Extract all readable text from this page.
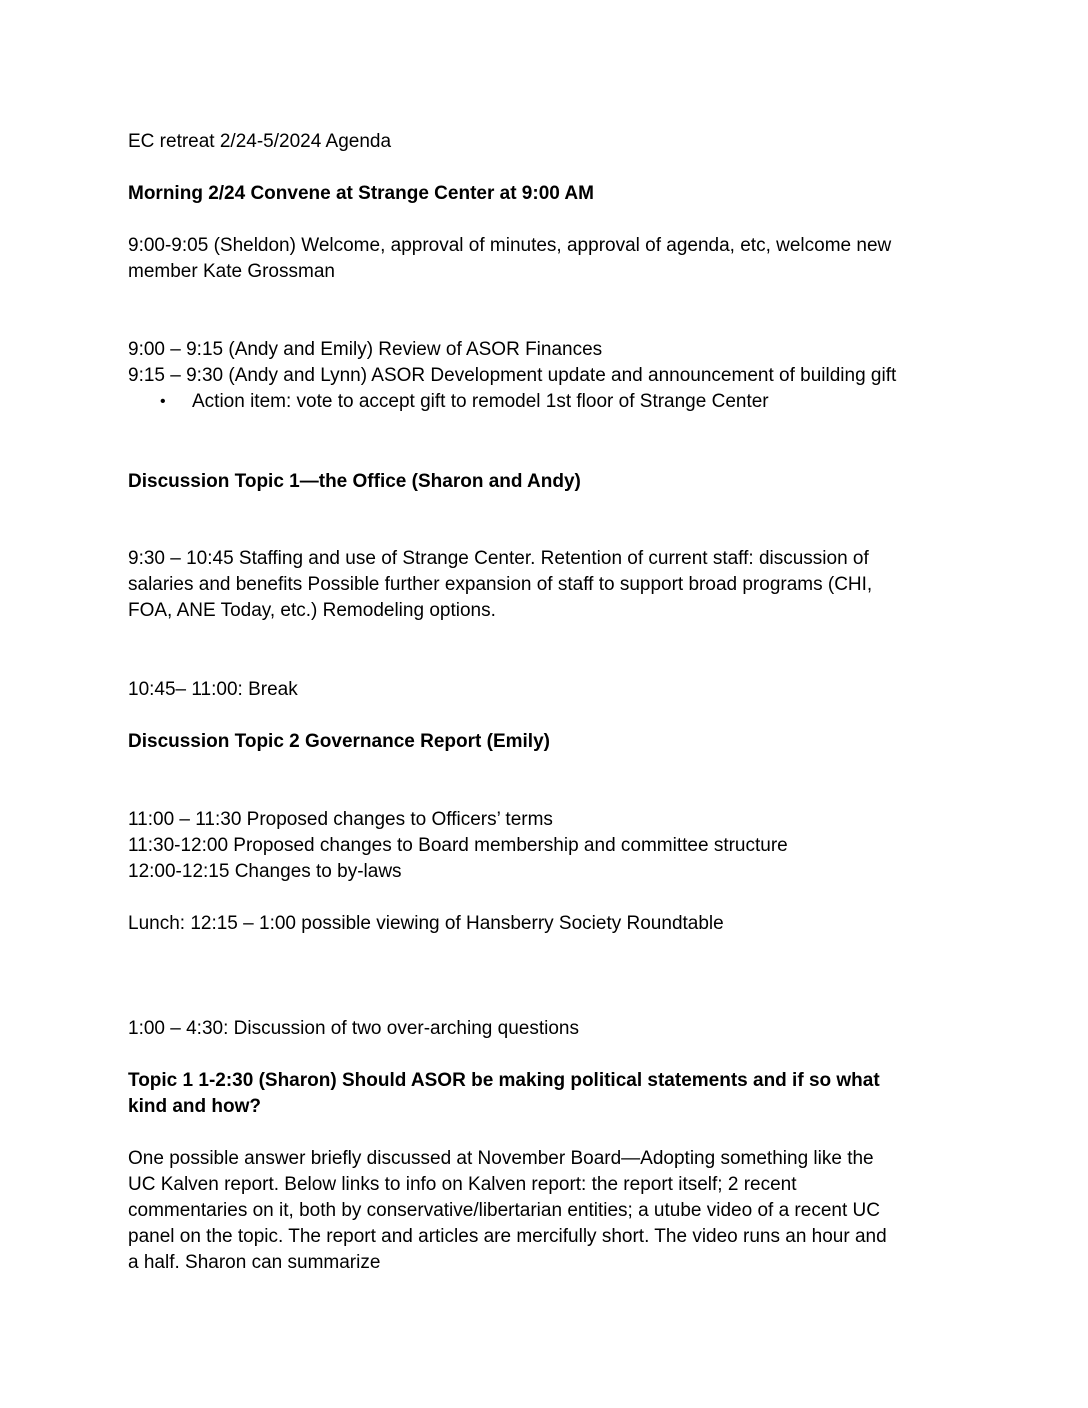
EC retreat 2/24-5/2024 Agenda
Morning 2/24 Convene at Strange Center at 9:00 AM
9:00-9:05 (Sheldon) Welcome, approval of minutes, approval of agenda, etc, welcome new
member Kate Grossman
9:00 – 9:15 (Andy and Emily) Review of ASOR Finances
9:15 – 9:30 (Andy and Lynn) ASOR Development update and announcement of building gift
• Action item: vote to accept gift to remodel 1st floor of Strange Center
Discussion Topic 1—the Office (Sharon and Andy)
9:30 – 10:45 Staffing and use of Strange Center. Retention of current staff: discussion of
salaries and benefits Possible further expansion of staff to support broad programs (CHI,
FOA, ANE Today, etc.) Remodeling options.
10:45– 11:00: Break
Discussion Topic 2 Governance Report (Emily)
11:00 – 11:30 Proposed changes to Officers’ terms
11:30-12:00 Proposed changes to Board membership and committee structure
12:00-12:15 Changes to by-laws
Lunch: 12:15 – 1:00 possible viewing of Hansberry Society Roundtable
1:00 – 4:30: Discussion of two over-arching questions
Topic 1 1-2:30 (Sharon) Should ASOR be making political statements and if so what
kind and how?
One possible answer briefly discussed at November Board—Adopting something like the
UC Kalven report. Below links to info on Kalven report: the report itself; 2 recent
commentaries on it, both by conservative/libertarian entities; a utube video of a recent UC
panel on the topic. The report and articles are mercifully short. The video runs an hour and
a half. Sharon can summarize
